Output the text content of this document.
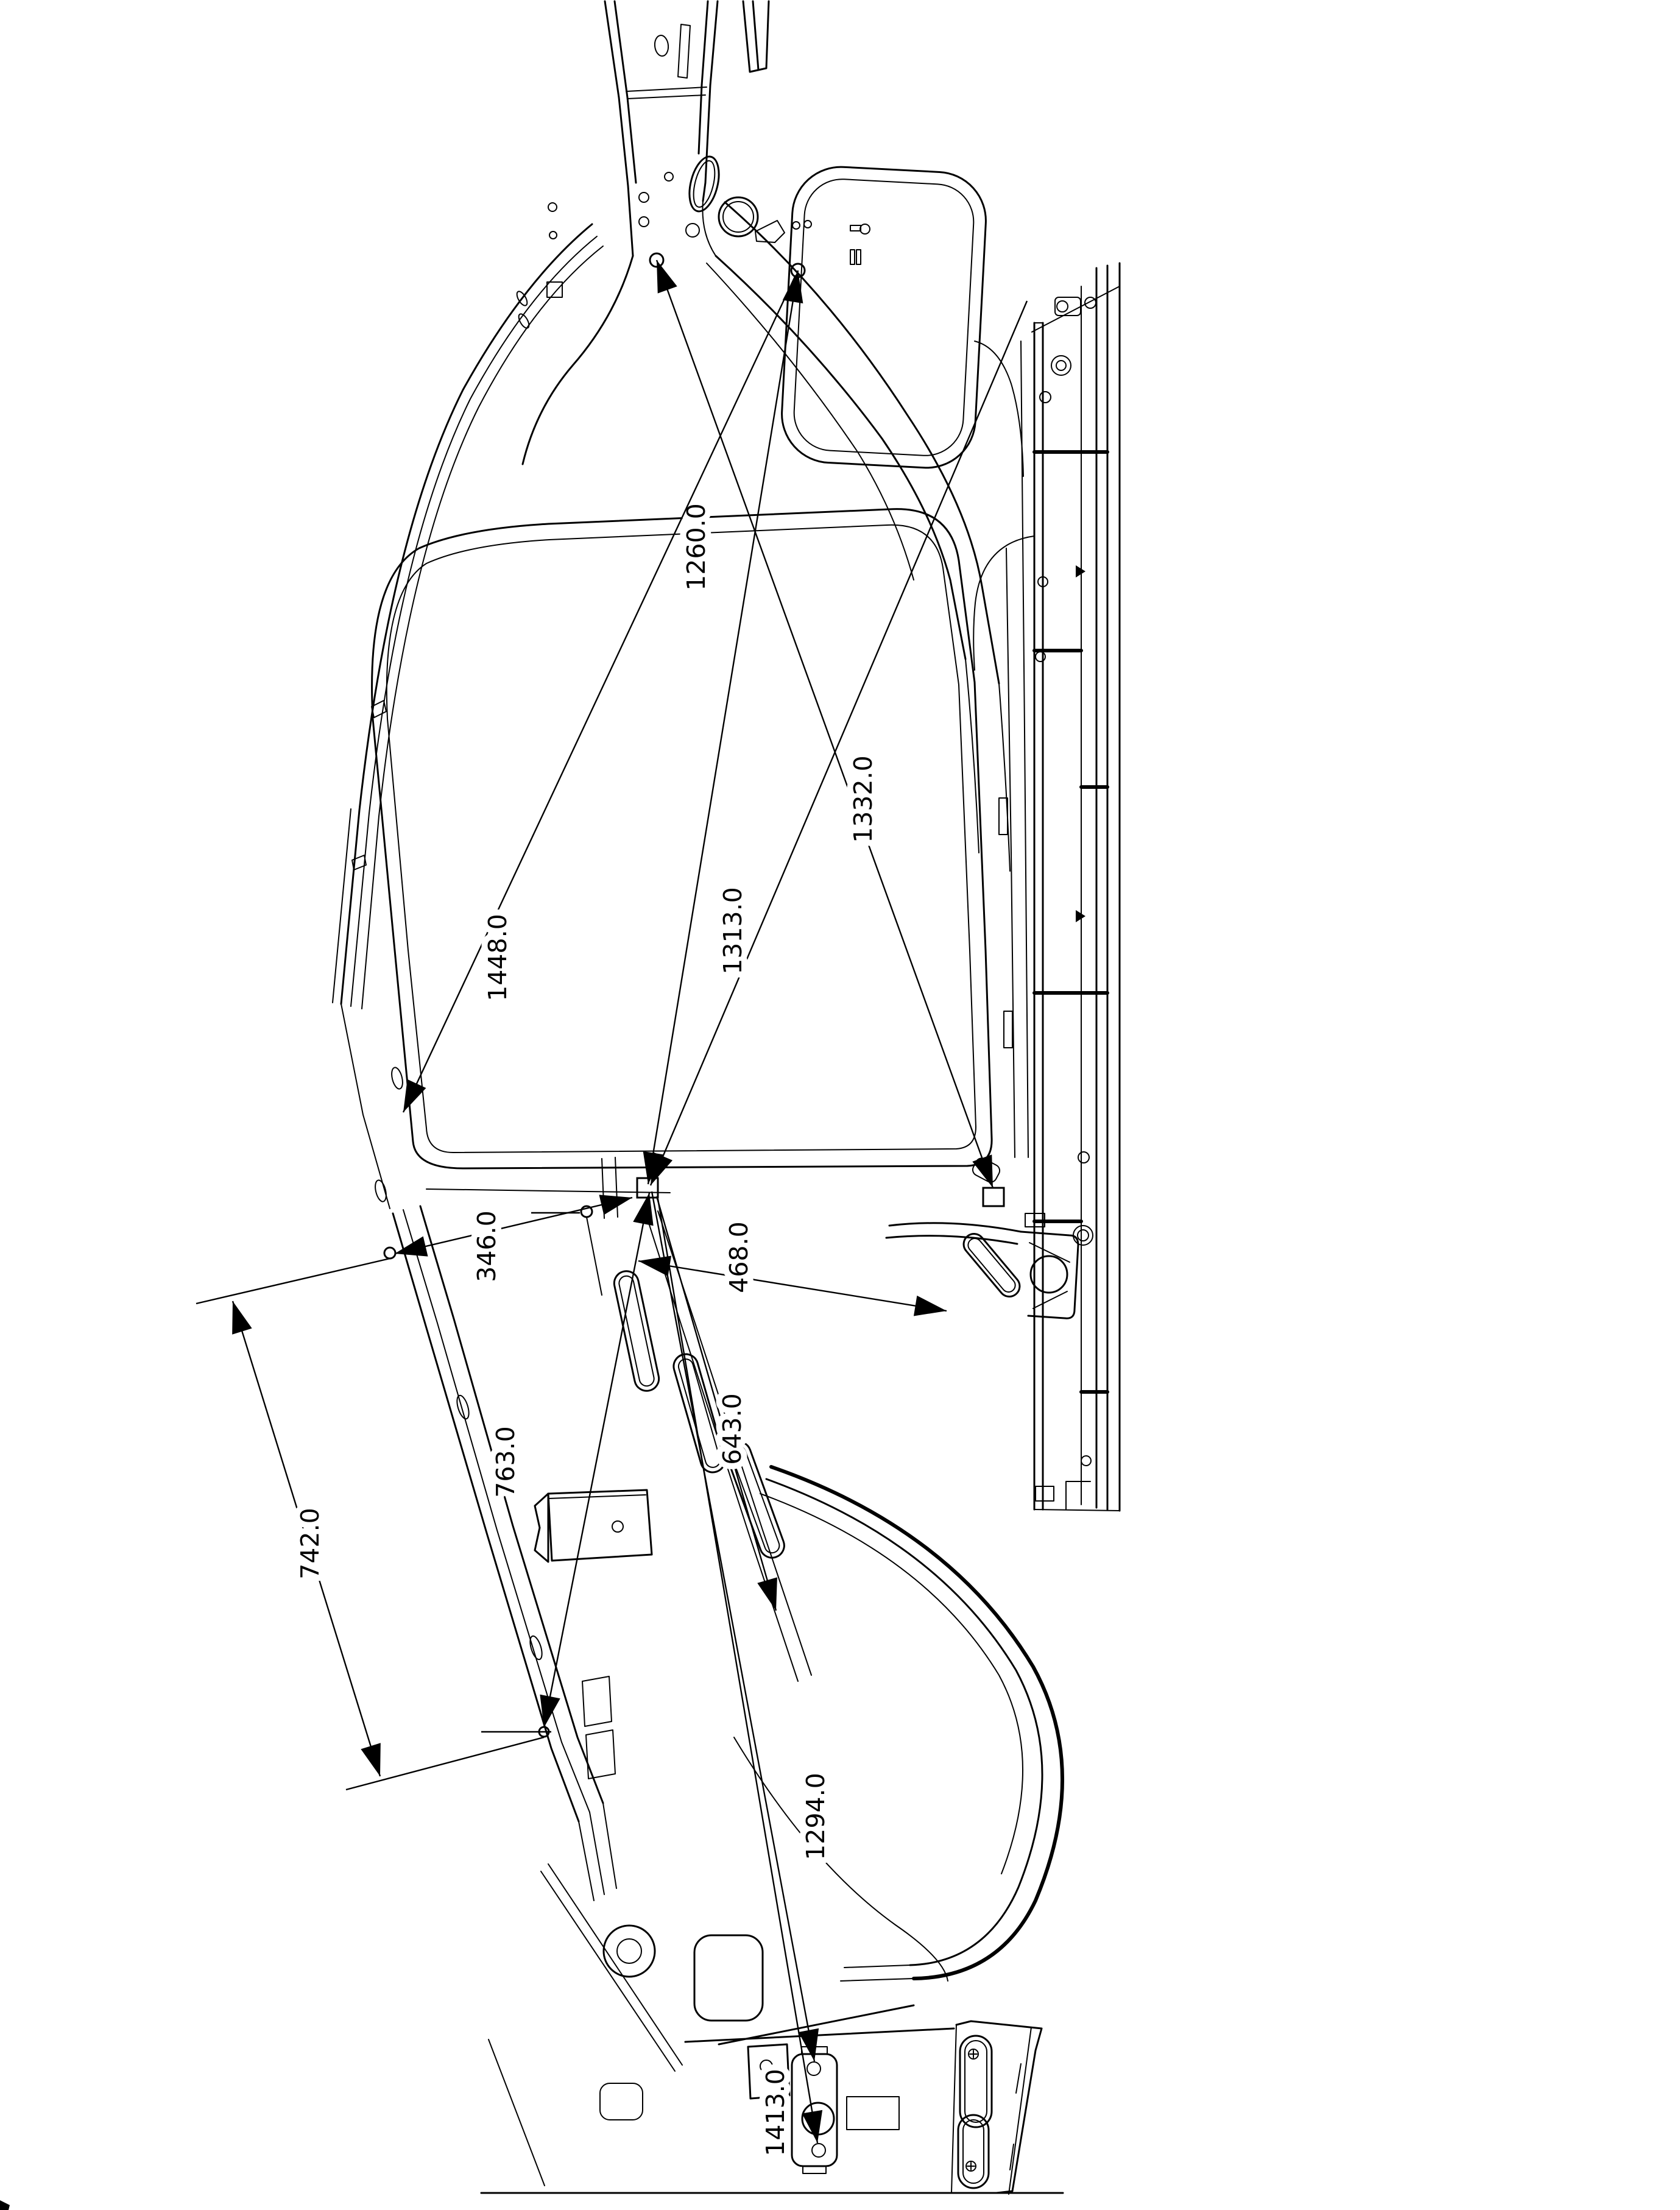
1260.0
1332.0
1448.0	1313.0
346.0	468.0
763.0	643.0
742.0
1294.0
1413.0
